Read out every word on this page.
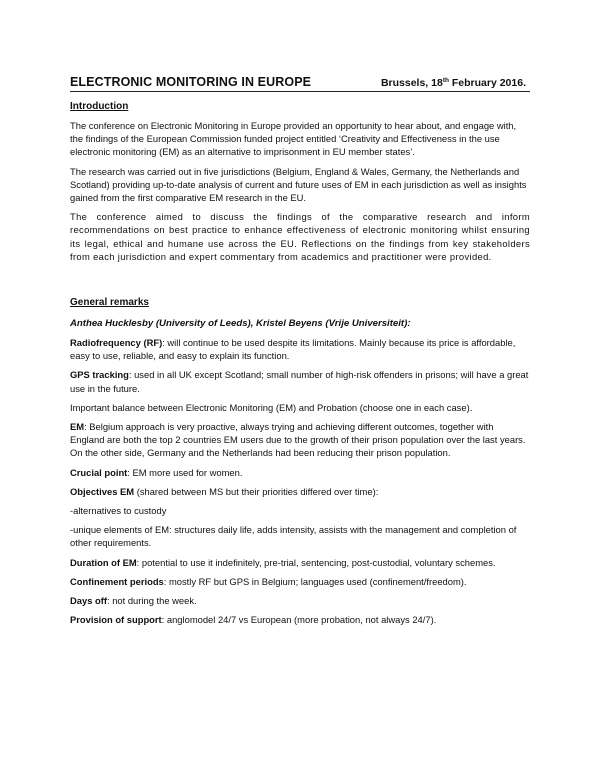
ELECTRONIC MONITORING IN EUROPE	Brussels, 18th February 2016.

Introduction

The conference on Electronic Monitoring in Europe provided an opportunity to hear about, and engage with, the findings of the European Commission funded project entitled ‘Creativity and Effectiveness in the use electronic monitoring (EM) as an alternative to imprisonment in EU member states’.

The research was carried out in five jurisdictions (Belgium, England & Wales, Germany, the Netherlands and Scotland) providing up-to-date analysis of current and future uses of EM in each jurisdiction as well as insights gained from the first comparative EM research in the EU.

The conference aimed to discuss the findings of the comparative research and inform recommendations on best practice to enhance effectiveness of electronic monitoring whilst ensuring its legal, ethical and humane use across the EU. Reflections on the findings from key stakeholders from each jurisdiction and expert commentary from academics and practitioner were provided.

General remarks

Anthea Hucklesby (University of Leeds), Kristel Beyens (Vrije Universiteit):

Radiofrequency (RF): will continue to be used despite its limitations. Mainly because its price is affordable, easy to use, reliable, and easy to explain its function.

GPS tracking: used in all UK except Scotland; small number of high-risk offenders in prisons; will have a great use in the future.

Important balance between Electronic Monitoring (EM) and Probation (choose one in each case).

EM: Belgium approach is very proactive, always trying and achieving different outcomes, together with England are both the top 2 countries EM users due to the growth of their prison population over the last years. On the other side, Germany and the Netherlands had been reducing their prison population.

Crucial point: EM more used for women.

Objectives EM (shared between MS but their priorities differed over time):

-alternatives to custody

-unique elements of EM: structures daily life, adds intensity, assists with the management and completion of other requirements.

Duration of EM: potential to use it indefinitely, pre-trial, sentencing, post-custodial, voluntary schemes.

Confinement periods: mostly RF but GPS in Belgium; languages used (confinement/freedom).

Days off: not during the week.

Provision of support: anglomodel 24/7 vs European (more probation, not always 24/7).
